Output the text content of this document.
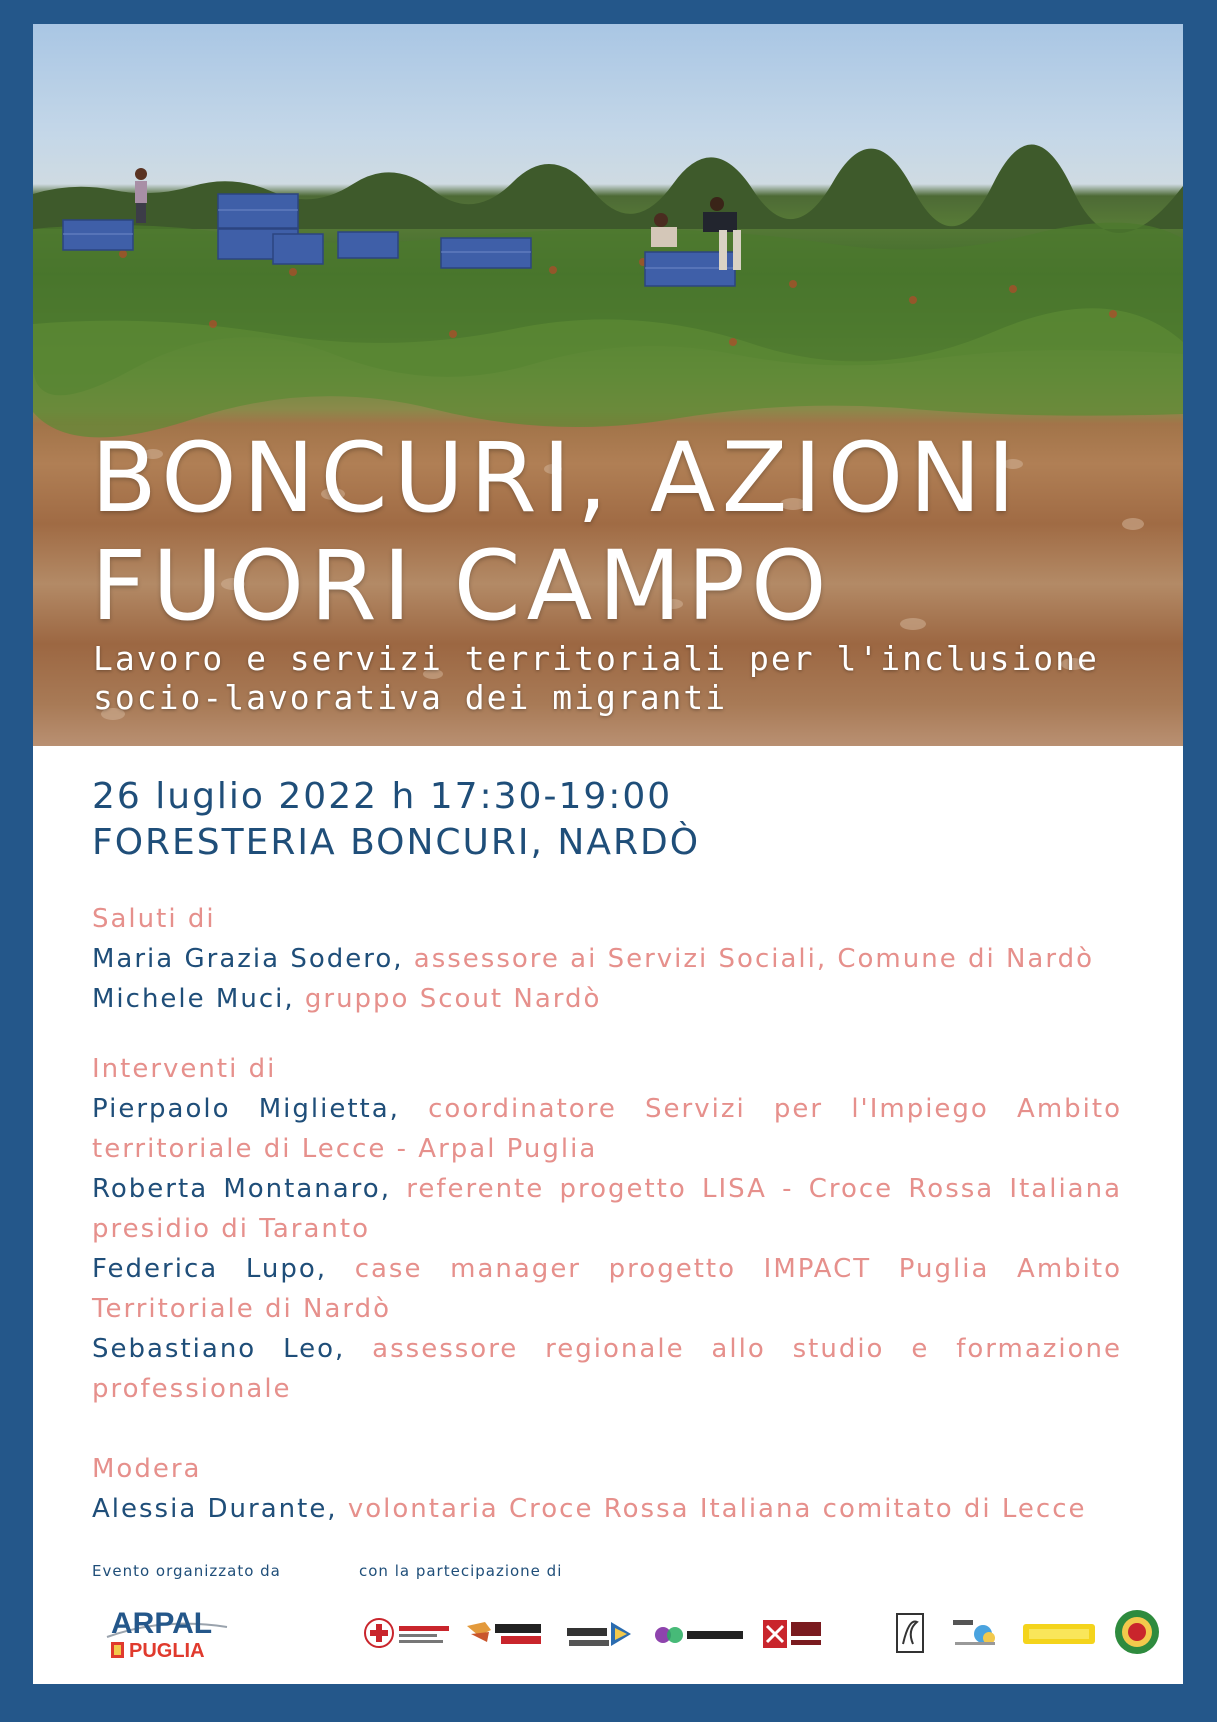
BONCURI, AZIONI
FUORI CAMPO

Lavoro e servizi territoriali per l'inclusione
socio-lavorativa dei migranti

26 luglio 2022 h 17:30-19:00
FORESTERIA BONCURI, NARDÒ

Saluti di

Maria Grazia Sodero, assessore ai Servizi Sociali, Comune di Nardò

Michele Muci, gruppo Scout Nardò

Interventi di

Pierpaolo Miglietta, coordinatore Servizi per l'Impiego Ambito territoriale di Lecce - Arpal Puglia

Roberta Montanaro, referente progetto LISA - Croce Rossa Italiana presidio di Taranto

Federica Lupo, case manager progetto IMPACT Puglia Ambito Territoriale di Nardò

Sebastiano Leo, assessore regionale allo studio e formazione professionale

Modera

Alessia Durante, volontaria Croce Rossa Italiana comitato di Lecce

Evento organizzato da	con la partecipazione di
ARPAL
PUGLIA
